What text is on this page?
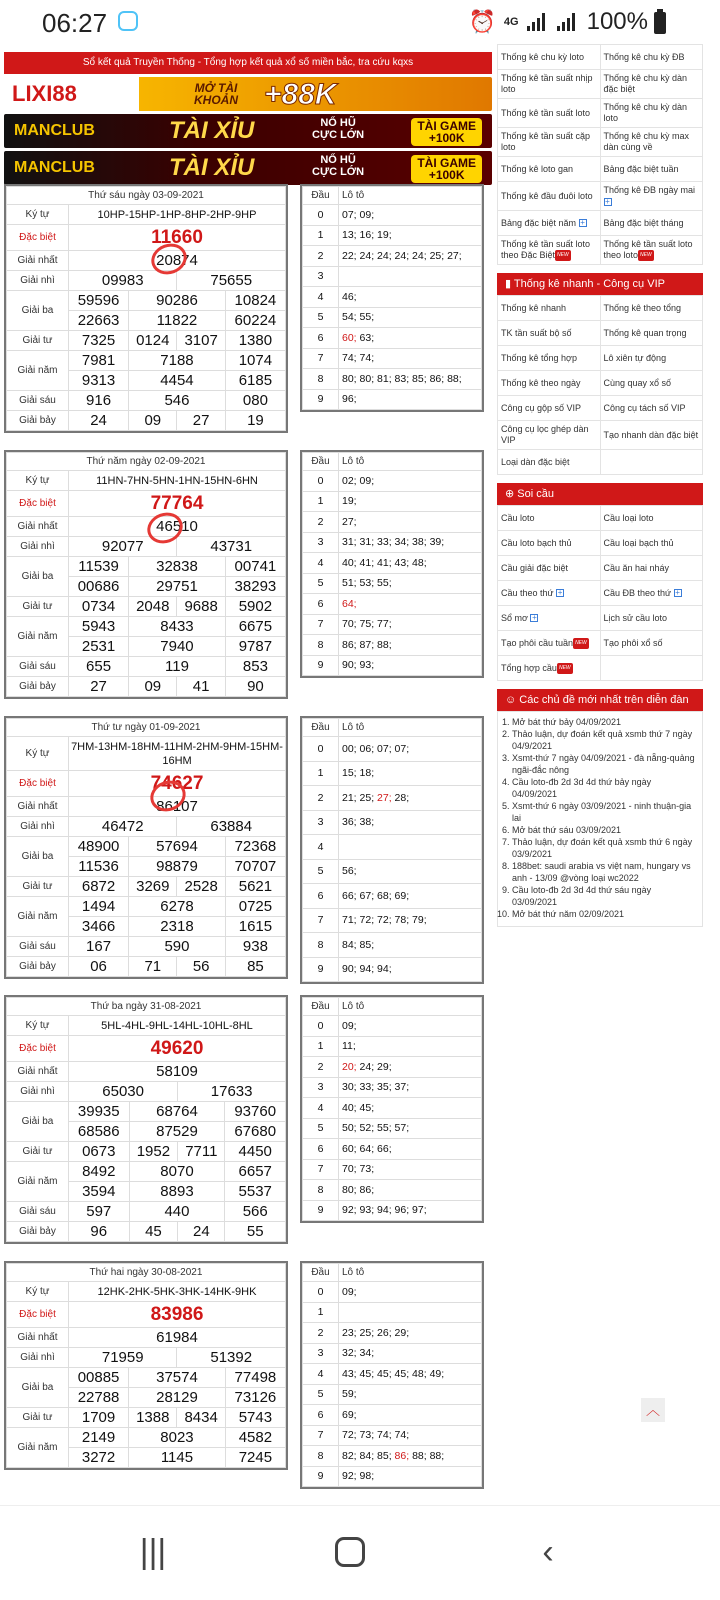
06:27	⏰ 4G	100%
Sổ kết quả Truyền Thống - Tổng hợp kết quả xổ số miền bắc, tra cứu kqxs
LIXI88	MỞ TÀI
KHOẢN +88K
MANCLUB	TÀI XỈU	NỔ HŨ
CỰC LỚN
TÀI GAME
+100K
MANCLUB	TÀI XỈU	NỔ HŨ
CỰC LỚN
TÀI GAME
+100K
Thứ sáu ngày 03-09-2021				
Ký tự	10HP-15HP-1HP-8HP-2HP-9HP			
Đặc biệt	11660			
Giải nhất	20874			
Giải nhì	09983		75655	
Giải ba	59596	90286		10824
	22663	11822		60224
Giải tư	7325	0124	3107	1380
Giải năm	7981	7188		1074
	9313	4454		6185
Giải sáu	916	546		080
Giải bảy	24	09	27	19
Đầu	Lô tô
0	07; 09;
1	13; 16; 19;
2	22; 24; 24; 24; 24; 25; 27;
3	
4	46;
5	54; 55;
6	60; 63;
7	74; 74;
8	80; 80; 81; 83; 85; 86; 88;
9	96;
Thứ năm ngày 02-09-2021				
Ký tự	11HN-7HN-5HN-1HN-15HN-6HN			
Đặc biệt	77764			
Giải nhất	46510			
Giải nhì	92077		43731	
Giải ba	11539	32838		00741
	00686	29751		38293
Giải tư	0734	2048	9688	5902
Giải năm	5943	8433		6675
	2531	7940		9787
Giải sáu	655	119		853
Giải bảy	27	09	41	90
Đầu	Lô tô
0	02; 09;
1	19;
2	27;
3	31; 31; 33; 34; 38; 39;
4	40; 41; 41; 43; 48;
5	51; 53; 55;
6	64;
7	70; 75; 77;
8	86; 87; 88;
9	90; 93;
Thứ tư ngày 01-09-2021				
Ký tự	7HM-13HM-18HM-11HM-2HM-9HM-15HM-16HM			
Đặc biệt	74627			
Giải nhất	86107			
Giải nhì	46472		63884	
Giải ba	48900	57694		72368
	11536	98879		70707
Giải tư	6872	3269	2528	5621
Giải năm	1494	6278		0725
	3466	2318		1615
Giải sáu	167	590		938
Giải bảy	06	71	56	85
Đầu	Lô tô
0	00; 06; 07; 07;
1	15; 18;
2	21; 25; 27; 28;
3	36; 38;
4	
5	56;
6	66; 67; 68; 69;
7	71; 72; 72; 78; 79;
8	84; 85;
9	90; 94; 94;
Thứ ba ngày 31-08-2021				
Ký tự	5HL-4HL-9HL-14HL-10HL-8HL			
Đặc biệt	49620			
Giải nhất	58109			
Giải nhì	65030		17633	
Giải ba	39935	68764		93760
	68586	87529		67680
Giải tư	0673	1952	7711	4450
Giải năm	8492	8070		6657
	3594	8893		5537
Giải sáu	597	440		566
Giải bảy	96	45	24	55
Đầu	Lô tô
0	09;
1	11;
2	20; 24; 29;
3	30; 33; 35; 37;
4	40; 45;
5	50; 52; 55; 57;
6	60; 64; 66;
7	70; 73;
8	80; 86;
9	92; 93; 94; 96; 97;
Thứ hai ngày 30-08-2021				
Ký tự	12HK-2HK-5HK-3HK-14HK-9HK			
Đặc biệt	83986			
Giải nhất	61984			
Giải nhì	71959		51392	
Giải ba	00885	37574		77498
	22788	28129		73126
Giải tư	1709	1388	8434	5743
Giải năm	2149	8023		4582
	3272	1145		7245
Đầu	Lô tô
0	09;
1	
2	23; 25; 26; 29;
3	32; 34;
4	43; 45; 45; 45; 48; 49;
5	59;
6	69;
7	72; 73; 74; 74;
8	82; 84; 85; 86; 88; 88;
9	92; 98;
Thống kê chu kỳ loto	Thống kê chu kỳ ĐB
Thống kê tần suất nhịp loto	Thống kê chu kỳ dàn đặc biệt
Thống kê tần suất loto	Thống kê chu kỳ dàn loto
Thống kê tần suất cặp loto	Thống kê chu kỳ max dàn cùng về
Thống kê loto gan	Bảng đặc biệt tuần
Thống kê đầu đuôi loto	Thống kê ĐB ngày mai +
Bảng đặc biệt năm +	Bảng đặc biệt tháng
Thống kê tần suất loto theo Đặc Biệt NEW	Thống kê tần suất loto theo loto NEW
▮ Thống kê nhanh - Công cụ VIP
Thống kê nhanh	Thống kê theo tổng
TK tần suất bộ số	Thống kê quan trọng
Thống kê tổng hợp	Lô xiên tự động
Thống kê theo ngày	Cùng quay xổ số
Công cụ gộp số VIP	Công cụ tách số VIP
Công cụ lọc ghép dàn VIP	Tạo nhanh dàn đặc biệt
Loại dàn đặc biệt	
⊕ Soi cầu
Cầu loto	Cầu loại loto
Cầu loto bạch thủ	Cầu loại bạch thủ
Cầu giải đặc biệt	Cầu ăn hai nháy
Cầu theo thứ +	Cầu ĐB theo thứ +
Sổ mơ +	Lịch sử cầu loto
Tạo phôi cầu tuần NEW	Tạo phôi xổ số
Tổng hợp cầu NEW	
☺ Các chủ đề mới nhất trên diễn đàn
1. Mở bát thứ bảy 04/09/2021
2. Thảo luận, dự đoán kết quả xsmb thứ 7 ngày 04/9/2021
3. Xsmt-thứ 7 ngày 04/09/2021 - đà nẵng-quảng ngãi-đắc nông
4. Cầu loto-đb 2d 3d 4d thứ bảy ngày 04/09/2021
5. Xsmt-thứ 6 ngày 03/09/2021 - ninh thuận-gia lai
6. Mở bát thứ sáu 03/09/2021
7. Thảo luận, dự đoán kết quả xsmb thứ 6 ngày 03/9/2021
8. 188bet: saudi arabia vs việt nam, hungary vs anh - 13/09 @vòng loại wc2022
9. Cầu loto-đb 2d 3d 4d thứ sáu ngày 03/09/2021
10. Mở bát thứ năm 02/09/2021
︿
|||	‹
